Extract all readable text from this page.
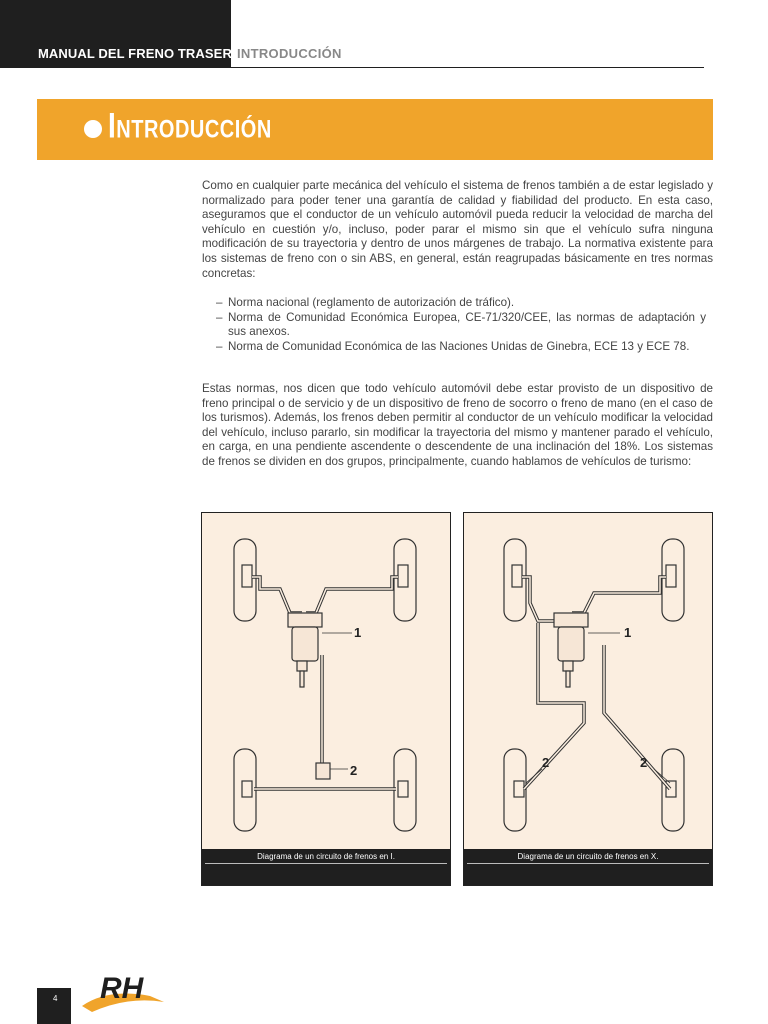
MANUAL DEL FRENO TRASERO
INTRODUCCIÓN
Introducción

Como en cualquier parte mecánica del vehículo el sistema de frenos también a de estar legislado y normalizado para poder tener una garantía de calidad y fiabilidad del producto. En esta caso, aseguramos que el conductor de un vehículo automóvil pueda reducir la velocidad de marcha del vehículo en cuestión y/o, incluso, poder parar el mismo sin que el vehículo sufra ninguna modificación de su trayectoria y dentro de unos márgenes de trabajo. La normativa existente para los sistemas de freno con o sin ABS, en general, están reagrupadas básicamente en tres normas concretas:

– Norma nacional (reglamento de autorización de tráfico).
– Norma de Comunidad Económica Europea, CE-71/320/CEE, las normas de adaptación y sus anexos.
– Norma de Comunidad Económica de las Naciones Unidas de Ginebra, ECE 13 y ECE 78.

Estas normas, nos dicen que todo vehículo automóvil debe estar provisto de un dispositivo de freno principal o de servicio y de un dispositivo de freno de socorro o freno de mano (en el caso de los turismos). Además, los frenos deben permitir al conductor de un vehículo modificar la velocidad del vehículo, incluso pararlo, sin modificar la trayectoria del mismo y mantener parado el vehículo, en carga, en una pendiente ascendente o descendente de una inclinación del 18%. Los sistemas de frenos se dividen en dos grupos, principalmente, cuando hablamos de vehículos de turismo:

1
2
Diagrama de un circuito de frenos en I.
1
2	2
Diagrama de un circuito de frenos en X.
4	RH
roadhouse
